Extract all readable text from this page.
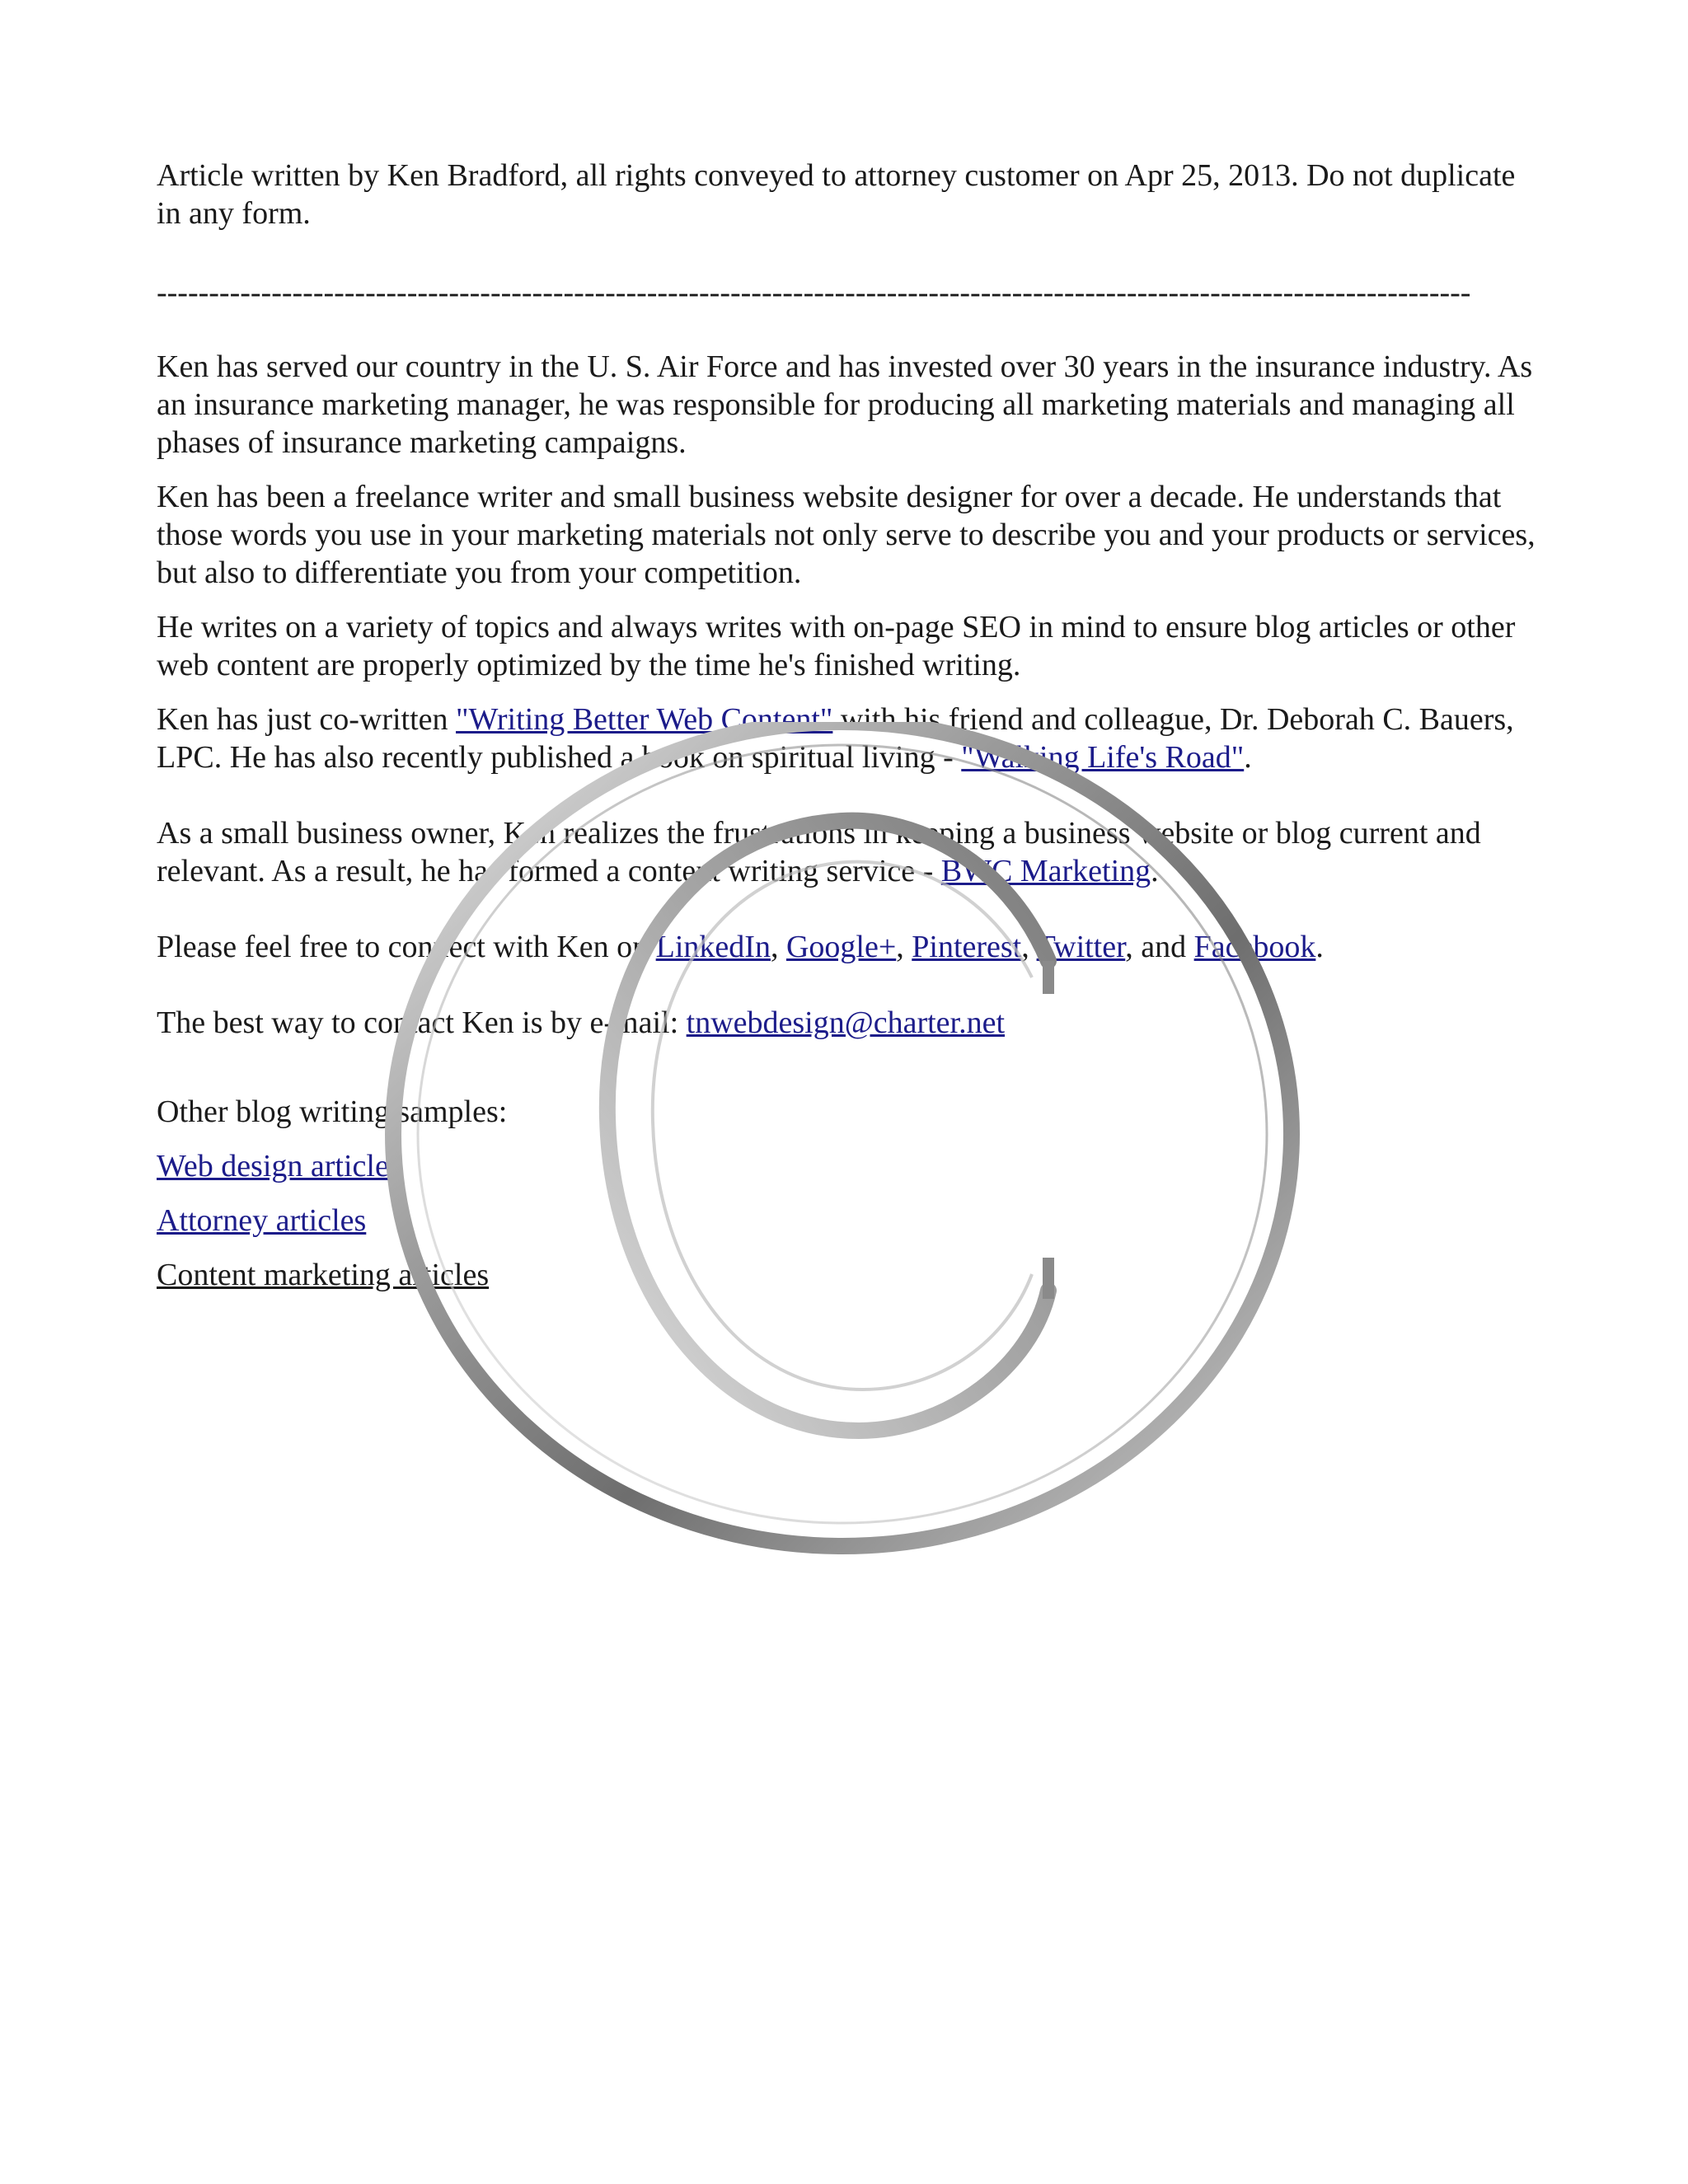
Article written by Ken Bradford, all rights conveyed to attorney customer on Apr 25, 2013. Do not duplicate in any form.

------------------------------------------------------------------------------------------------------------------------------

Ken has served our country in the U. S. Air Force and has invested over 30 years in the insurance industry. As an insurance marketing manager, he was responsible for producing all marketing materials and managing all phases of insurance marketing campaigns.

Ken has been a freelance writer and small business website designer for over a decade. He understands that those words you use in your marketing materials not only serve to describe you and your products or services, but also to differentiate you from your competition.

He writes on a variety of topics and always writes with on-page SEO in mind to ensure blog articles or other web content are properly optimized by the time he's finished writing.

Ken has just co-written "Writing Better Web Content" with his friend and colleague, Dr. Deborah C. Bauers, LPC. He has also recently published a book on spiritual living - "Walking Life's Road".

As a small business owner, Ken realizes the frustrations in keeping a business website or blog current and relevant. As a result, he has formed a content writing service - BWC Marketing.

Please feel free to connect with Ken on LinkedIn, Google+, Pinterest, Twitter, and Facebook.

The best way to contact Ken is by e-mail: tnwebdesign@charter.net

Other blog writing samples:

Web design articles

Attorney articles

Content marketing articles
